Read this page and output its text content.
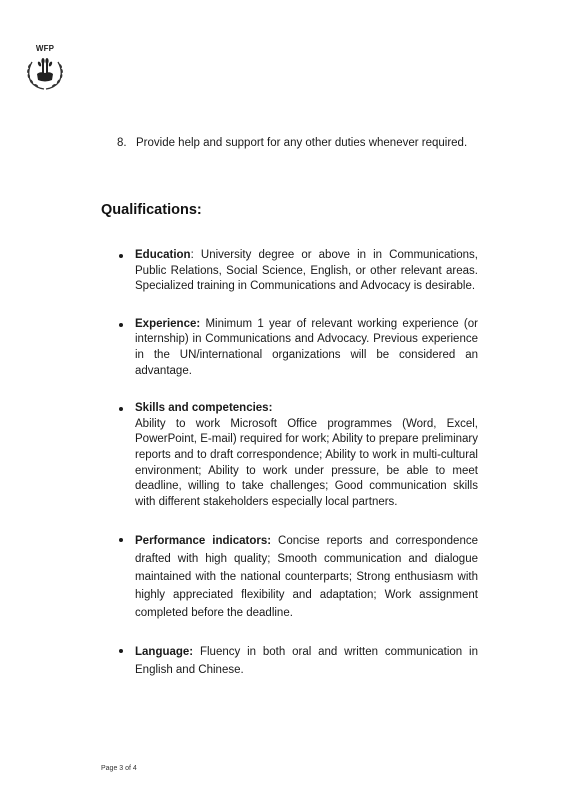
WFP
8. Provide help and support for any other duties whenever required.
Qualifications:
Education: University degree or above in in Communications, Public Relations, Social Science, English, or other relevant areas. Specialized training in Communications and Advocacy is desirable.
Experience: Minimum 1 year of relevant working experience (or internship) in Communications and Advocacy. Previous experience in the UN/international organizations will be considered an advantage.
Skills and competencies:
Ability to work Microsoft Office programmes (Word, Excel, PowerPoint, E-mail) required for work; Ability to prepare preliminary reports and to draft correspondence; Ability to work in multi-cultural environment; Ability to work under pressure, be able to meet deadline, willing to take challenges; Good communication skills with different stakeholders especially local partners.
Performance indicators: Concise reports and correspondence drafted with high quality; Smooth communication and dialogue maintained with the national counterparts; Strong enthusiasm with highly appreciated flexibility and adaptation; Work assignment completed before the deadline.
Language: Fluency in both oral and written communication in English and Chinese.
Page 3 of 4
